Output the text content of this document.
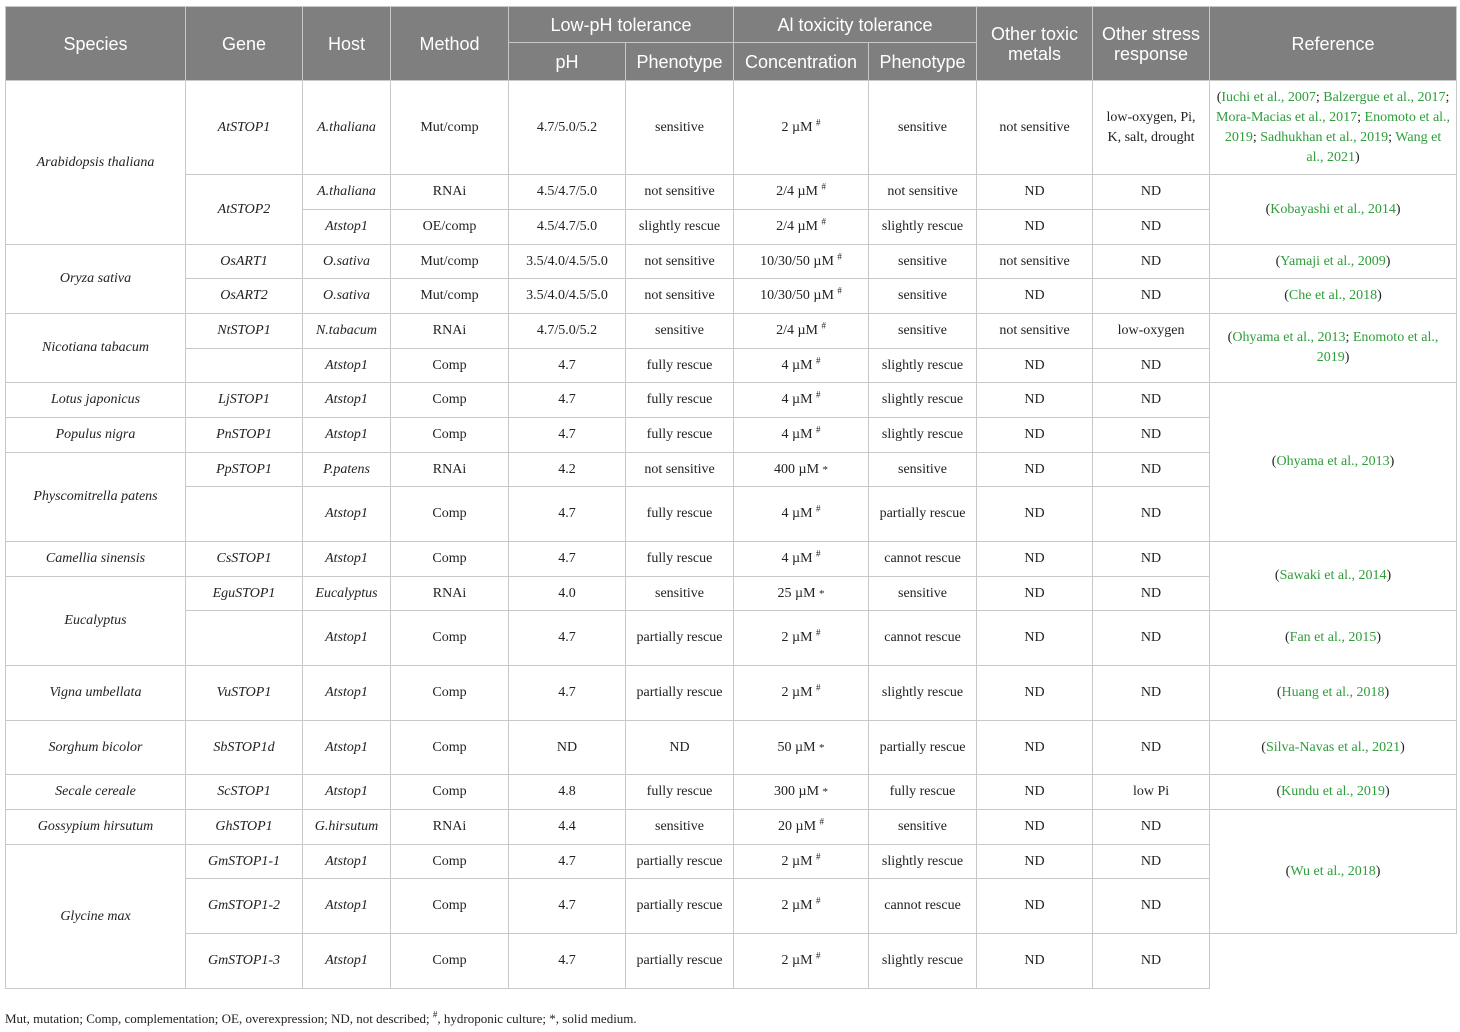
Species	Gene	Host	Method	Low-pH tolerance		Al toxicity tolerance		Other toxic
metals	Other stress
response	Reference
				pH	Phenotype	Concentration	Phenotype			
Arabidopsis thaliana	AtSTOP1	A.thaliana	Mut/comp	4.7/5.0/5.2	sensitive	2 µM #	sensitive	not sensitive	low-oxygen, Pi, K, salt, drought	(Iuchi et al., 2007; Balzergue et al., 2017; Mora-Macias et al., 2017; Enomoto et al., 2019; Sadhukhan et al., 2019; Wang et al., 2021)
	AtSTOP2	A.thaliana	RNAi	4.5/4.7/5.0	not sensitive	2/4 µM #	not sensitive	ND	ND	(Kobayashi et al., 2014)
		Atstop1	OE/comp	4.5/4.7/5.0	slightly rescue	2/4 µM #	slightly rescue	ND	ND	
Oryza sativa	OsART1	O.sativa	Mut/comp	3.5/4.0/4.5/5.0	not sensitive	10/30/50 µM #	sensitive	not sensitive	ND	(Yamaji et al., 2009)
	OsART2	O.sativa	Mut/comp	3.5/4.0/4.5/5.0	not sensitive	10/30/50 µM #	sensitive	ND	ND	(Che et al., 2018)
Nicotiana tabacum	NtSTOP1	N.tabacum	RNAi	4.7/5.0/5.2	sensitive	2/4 µM #	sensitive	not sensitive	low-oxygen	(Ohyama et al., 2013; Enomoto et al., 2019)
		Atstop1	Comp	4.7	fully rescue	4 µM #	slightly rescue	ND	ND	
Lotus japonicus	LjSTOP1	Atstop1	Comp	4.7	fully rescue	4 µM #	slightly rescue	ND	ND	(Ohyama et al., 2013)
Populus nigra	PnSTOP1	Atstop1	Comp	4.7	fully rescue	4 µM #	slightly rescue	ND	ND	
Physcomitrella patens	PpSTOP1	P.patens	RNAi	4.2	not sensitive	400 µM *	sensitive	ND	ND	
		Atstop1	Comp	4.7	fully rescue	4 µM #	partially rescue	ND	ND	
Camellia sinensis	CsSTOP1	Atstop1	Comp	4.7	fully rescue	4 µM #	cannot rescue	ND	ND	(Sawaki et al., 2014)
Eucalyptus	EguSTOP1	Eucalyptus	RNAi	4.0	sensitive	25 µM *	sensitive	ND	ND	
		Atstop1	Comp	4.7	partially rescue	2 µM #	cannot rescue	ND	ND	(Fan et al., 2015)
Vigna umbellata	VuSTOP1	Atstop1	Comp	4.7	partially rescue	2 µM #	slightly rescue	ND	ND	(Huang et al., 2018)
Sorghum bicolor	SbSTOP1d	Atstop1	Comp	ND	ND	50 µM *	partially rescue	ND	ND	(Silva-Navas et al., 2021)
Secale cereale	ScSTOP1	Atstop1	Comp	4.8	fully rescue	300 µM *	fully rescue	ND	low Pi	(Kundu et al., 2019)
Gossypium hirsutum	GhSTOP1	G.hirsutum	RNAi	4.4	sensitive	20 µM #	sensitive	ND	ND	(Wu et al., 2018)
Glycine max	GmSTOP1-1	Atstop1	Comp	4.7	partially rescue	2 µM #	slightly rescue	ND	ND	
	GmSTOP1-2	Atstop1	Comp	4.7	partially rescue	2 µM #	cannot rescue	ND	ND	
	GmSTOP1-3	Atstop1	Comp	4.7	partially rescue	2 µM #	slightly rescue	ND	ND	
Mut, mutation; Comp, complementation; OE, overexpression; ND, not described; #, hydroponic culture; *, solid medium.
